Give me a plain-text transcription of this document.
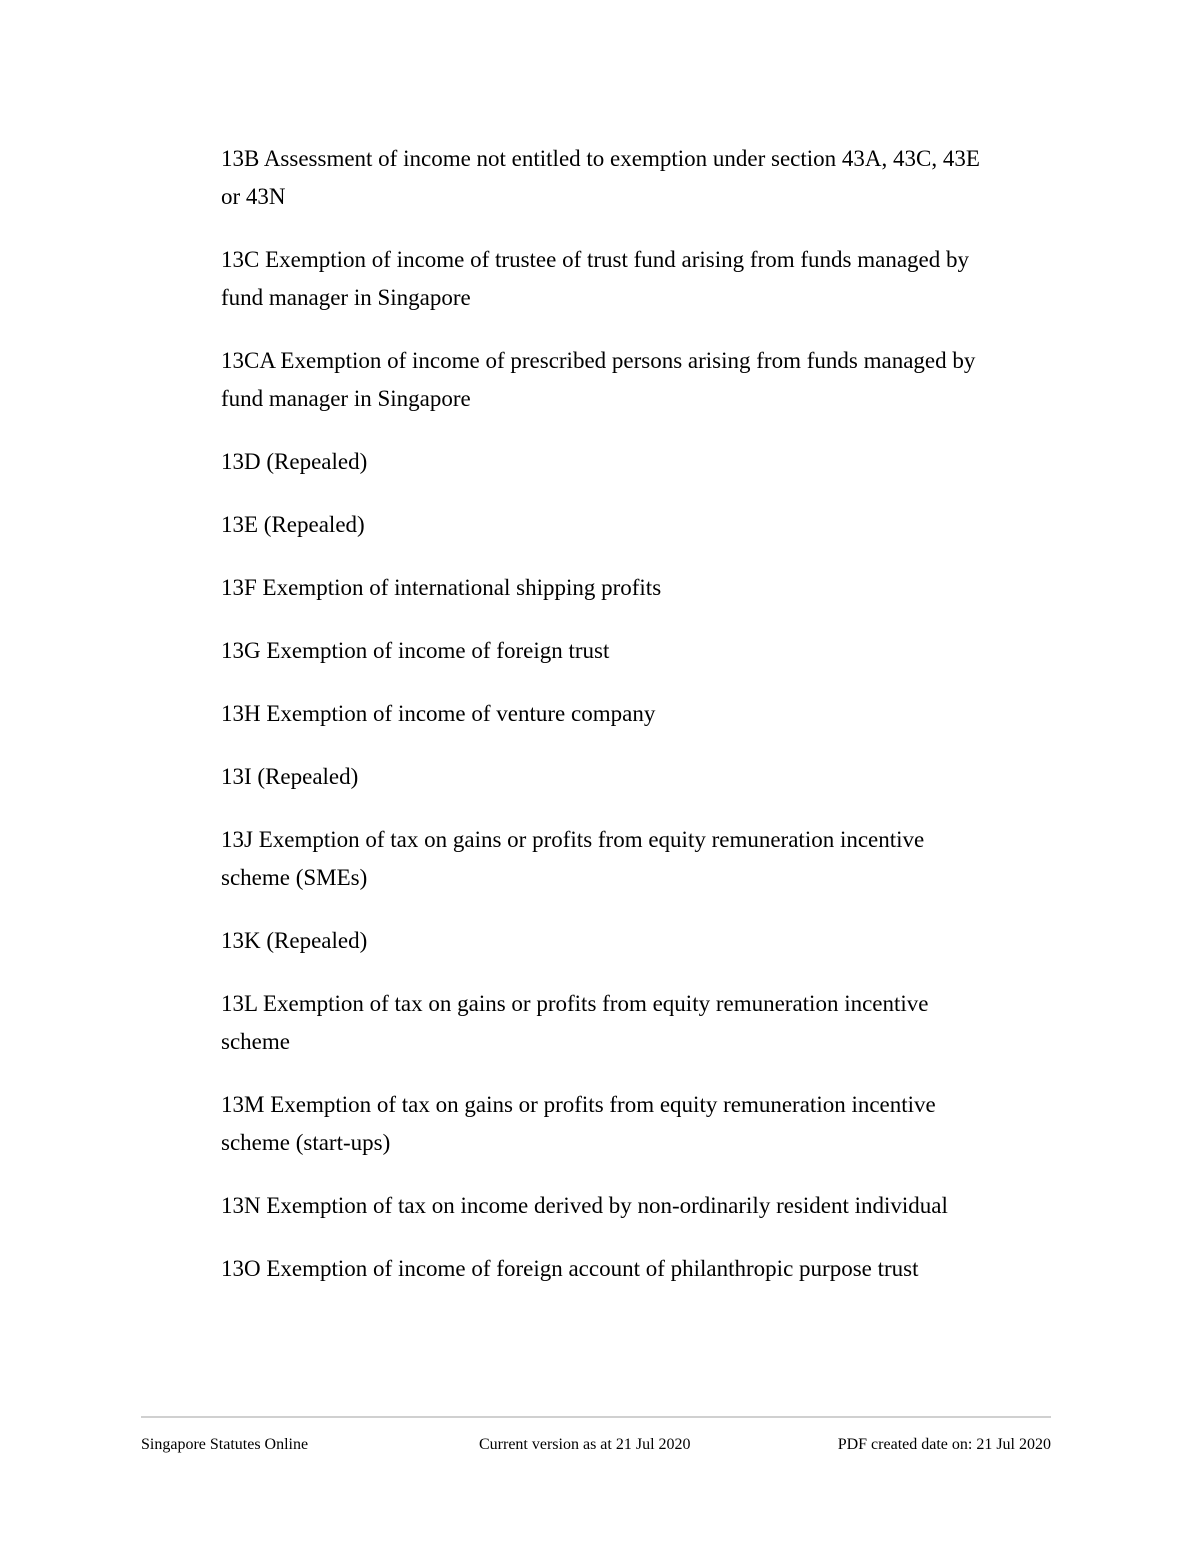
13B Assessment of income not entitled to exemption under section 43A, 43C, 43E or 43N
13C Exemption of income of trustee of trust fund arising from funds managed by fund manager in Singapore
13CA Exemption of income of prescribed persons arising from funds managed by fund manager in Singapore
13D (Repealed)
13E (Repealed)
13F Exemption of international shipping profits
13G Exemption of income of foreign trust
13H Exemption of income of venture company
13I (Repealed)
13J Exemption of tax on gains or profits from equity remuneration incentive scheme (SMEs)
13K (Repealed)
13L Exemption of tax on gains or profits from equity remuneration incentive scheme
13M Exemption of tax on gains or profits from equity remuneration incentive scheme (start-ups)
13N Exemption of tax on income derived by non-ordinarily resident individual
13O Exemption of income of foreign account of philanthropic purpose trust
Singapore Statutes Online	Current version as at 21 Jul 2020	PDF created date on: 21 Jul 2020
